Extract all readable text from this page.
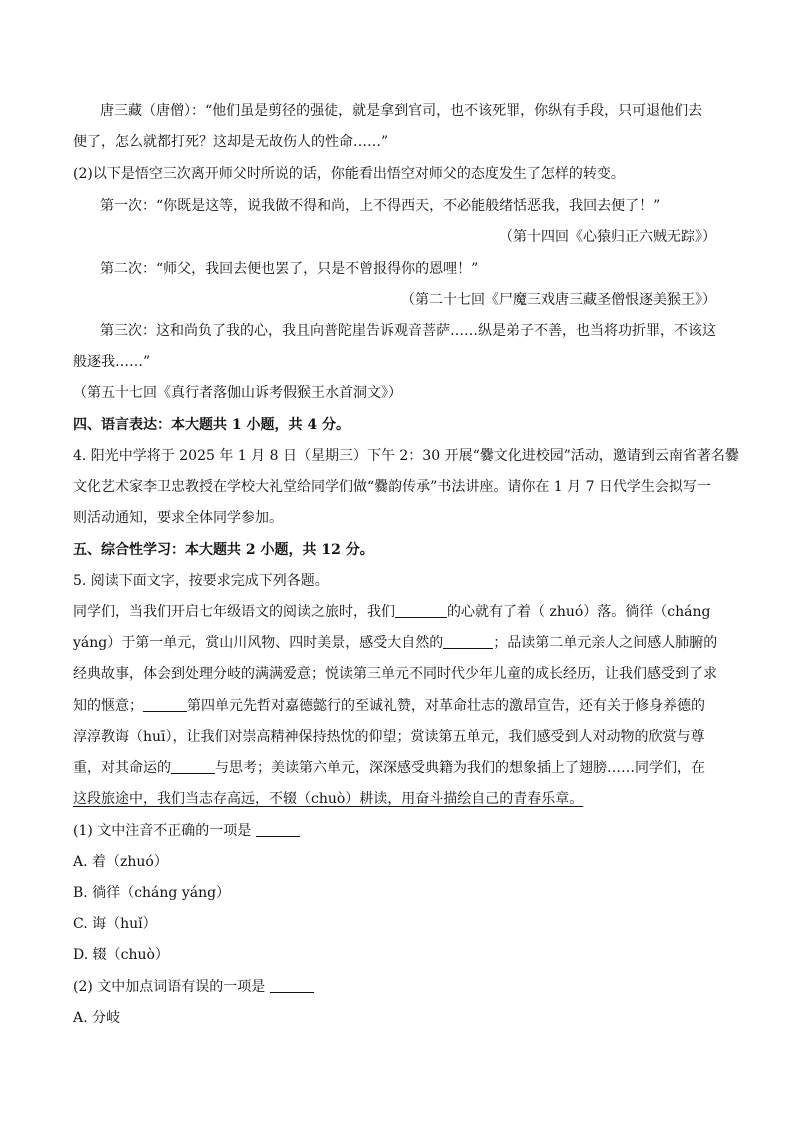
唐三藏（唐僧）：“他们虽是剪径的强徒，就是拿到官司，也不该死罪，你纵有手段，只可退他们去
便了，怎么就都打死？这却是无故伤人的性命……”
(2)以下是悟空三次离开师父时所说的话，你能看出悟空对师父的态度发生了怎样的转变。
第一次：“你既是这等，说我做不得和尚，上不得西天，不必能般绪恬恶我，我回去便了！”
（第十四回《心猿归正六贼无踪》）
第二次：“师父，我回去便也罢了，只是不曾报得你的恩哩！”
（第二十七回《尸魔三戏唐三藏圣僧恨逐美猴王》）
第三次：这和尚负了我的心，我且向普陀崖告诉观音菩萨……纵是弟子不善，也当将功折罪，不该这
般逐我……”
（第五十七回《真行者落伽山诉考假猴王水首洞文》）
四、语言表达：本大题共 1 小题，共 4 分。
4. 阳光中学将于 2025 年 1 月 8 日（星期三）下午 2：30 开展“爨文化进校园”活动，邀请到云南省著名爨
文化艺术家李卫忠教授在学校大礼堂给同学们做“爨韵传承”书法讲座。请你在 1 月 7 日代学生会拟写一
则活动通知，要求全体同学参加。
五、综合性学习：本大题共 2 小题，共 12 分。
5. 阅读下面文字，按要求完成下列各题。
同学们，当我们开启七年级语文的阅读之旅时，我们	的心就有了着（ zhuó）落。徜徉（cháng
yáng）于第一单元，赏山川风物、四时美景，感受大自然的	；品读第二单元亲人之间感人肺腑的
经典故事，体会到处理分岐的满满爱意；悦读第三单元不同时代少年儿童的成长经历，让我们感受到了求
知的惬意；	第四单元先哲对嘉德懿行的至诚礼赞，对革命壮志的激昂宣告，还有关于修身养德的
淳淳教诲（huī），让我们对崇高精神保持热忱的仰望；赏读第五单元，我们感受到人对动物的欣赏与尊
重，对其命运的	与思考；美读第六单元，深深感受典籍为我们的想象插上了翅膀……同学们，在
这段旅途中，我们当志存高远，不辍（chuò）耕读，用奋斗描绘自己的青春乐章。
(1) 文中注音不正确的一项是
A. 着（zhuó）
B. 徜徉（cháng yáng）
C. 诲（huǐ）
D. 辍（chuò）
(2) 文中加点词语有误的一项是
A. 分岐
